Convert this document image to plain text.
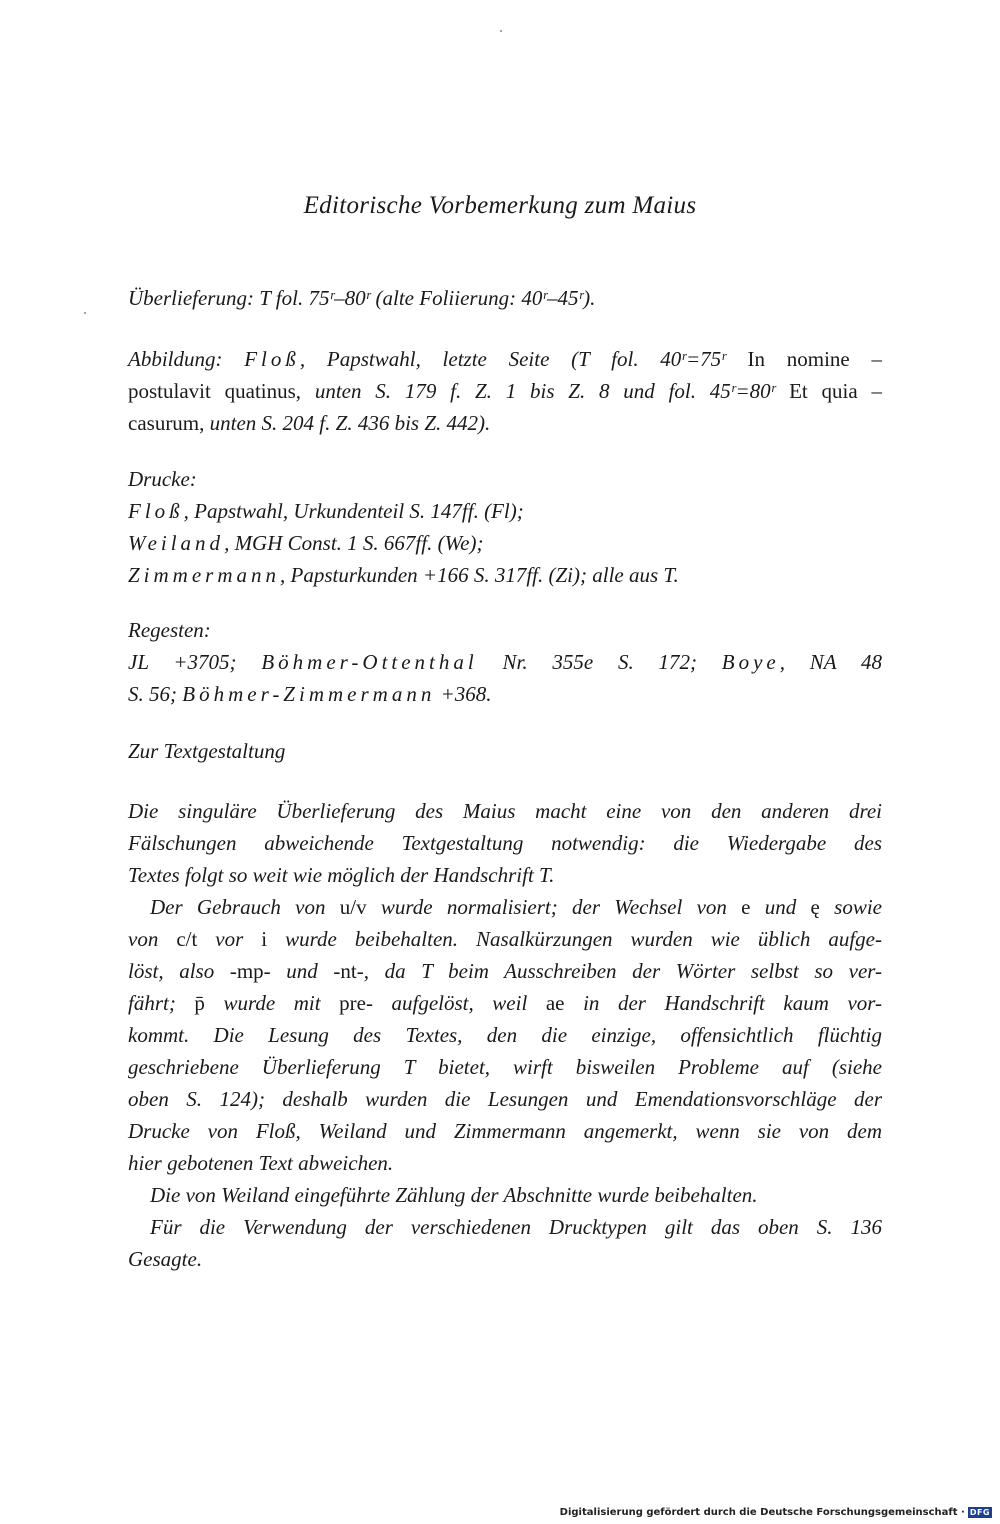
Editorische Vorbemerkung zum Maius
Überlieferung: T fol. 75ʳ–80ʳ (alte Foliierung: 40ʳ–45ʳ).
Abbildung: Floß, Papstwahl, letzte Seite (T fol. 40ʳ=75ʳ In nomine –
postulavit quatinus, unten S. 179 f. Z. 1 bis Z. 8 und fol. 45ʳ=80ʳ Et quia –
casurum, unten S. 204 f. Z. 436 bis Z. 442).
Drucke:
Floß, Papstwahl, Urkundenteil S. 147ff. (Fl);
Weiland, MGH Const. 1 S. 667ff. (We);
Zimmermann, Papsturkunden +166 S. 317ff. (Zi); alle aus T.
Regesten:
JL +3705; Böhmer-Ottenthal Nr. 355e S. 172; Boye, NA 48
S. 56; Böhmer-Zimmermann +368.
Zur Textgestaltung
Die singuläre Überlieferung des Maius macht eine von den anderen drei
Fälschungen abweichende Textgestaltung notwendig: die Wiedergabe des
Textes folgt so weit wie möglich der Handschrift T.
Der Gebrauch von u/v wurde normalisiert; der Wechsel von e und ę sowie
von c/t vor i wurde beibehalten. Nasalkürzungen wurden wie üblich aufge-
löst, also -mp- und -nt-, da T beim Ausschreiben der Wörter selbst so ver-
fährt; p̄ wurde mit pre- aufgelöst, weil ae in der Handschrift kaum vor-
kommt. Die Lesung des Textes, den die einzige, offensichtlich flüchtig
geschriebene Überlieferung T bietet, wirft bisweilen Probleme auf (siehe
oben S. 124); deshalb wurden die Lesungen und Emendationsvorschläge der
Drucke von Floß, Weiland und Zimmermann angemerkt, wenn sie von dem
hier gebotenen Text abweichen.
Die von Weiland eingeführte Zählung der Abschnitte wurde beibehalten.
Für die Verwendung der verschiedenen Drucktypen gilt das oben S. 136
Gesagte.
Digitalisierung gefördert durch die Deutsche Forschungsgemeinschaft · DFG
